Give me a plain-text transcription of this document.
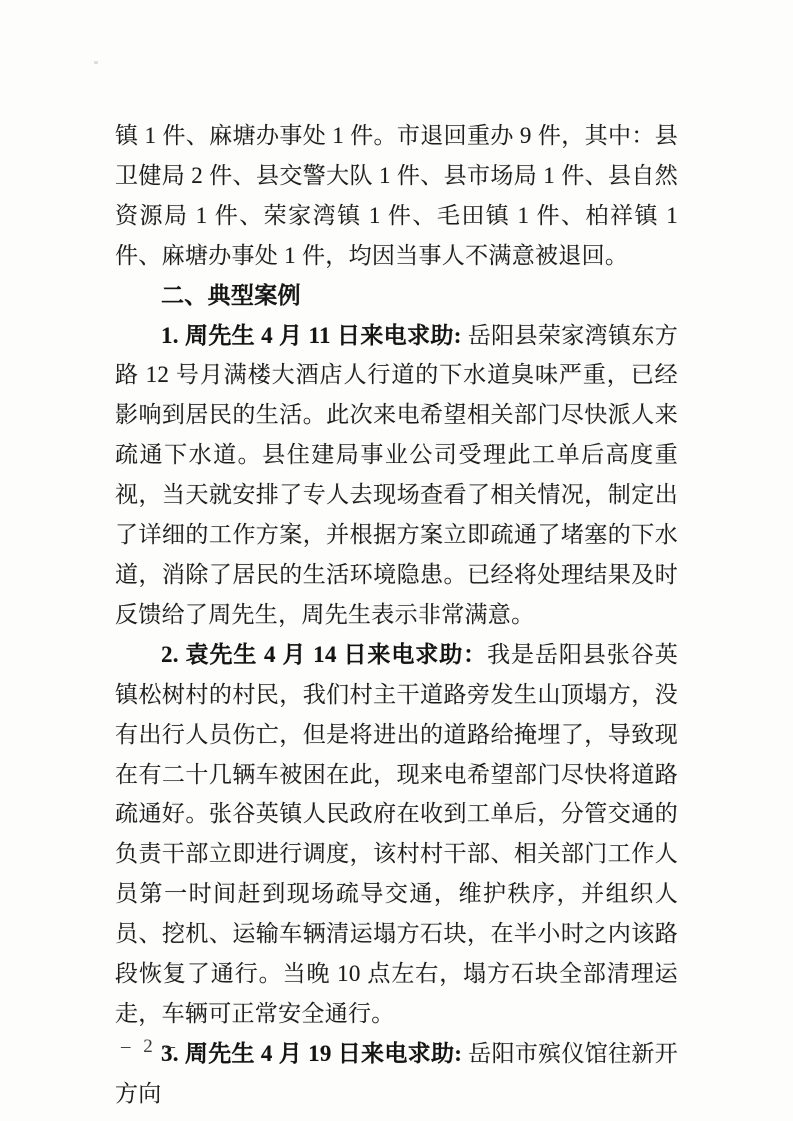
镇 1 件、麻塘办事处 1 件。市退回重办 9 件，其中：县卫健局 2 件、县交警大队 1 件、县市场局 1 件、县自然资源局 1 件、荣家湾镇 1 件、毛田镇 1 件、柏祥镇 1 件、麻塘办事处 1 件，均因当事人不满意被退回。

二、典型案例

1. 周先生 4 月 11 日来电求助: 岳阳县荣家湾镇东方路 12 号月满楼大酒店人行道的下水道臭味严重，已经影响到居民的生活。此次来电希望相关部门尽快派人来疏通下水道。县住建局事业公司受理此工单后高度重视，当天就安排了专人去现场查看了相关情况，制定出了详细的工作方案，并根据方案立即疏通了堵塞的下水道，消除了居民的生活环境隐患。已经将处理结果及时反馈给了周先生，周先生表示非常满意。

2. 袁先生 4 月 14 日来电求助：我是岳阳县张谷英镇松树村的村民，我们村主干道路旁发生山顶塌方，没有出行人员伤亡，但是将进出的道路给掩埋了，导致现在有二十几辆车被困在此，现来电希望部门尽快将道路疏通好。张谷英镇人民政府在收到工单后，分管交通的负责干部立即进行调度，该村村干部、相关部门工作人员第一时间赶到现场疏导交通，维护秩序，并组织人员、挖机、运输车辆清运塌方石块，在半小时之内该路段恢复了通行。当晚 10 点左右，塌方石块全部清理运走，车辆可正常安全通行。

3. 周先生 4 月 19 日来电求助: 岳阳市殡仪馆往新开方向

– 2 –
